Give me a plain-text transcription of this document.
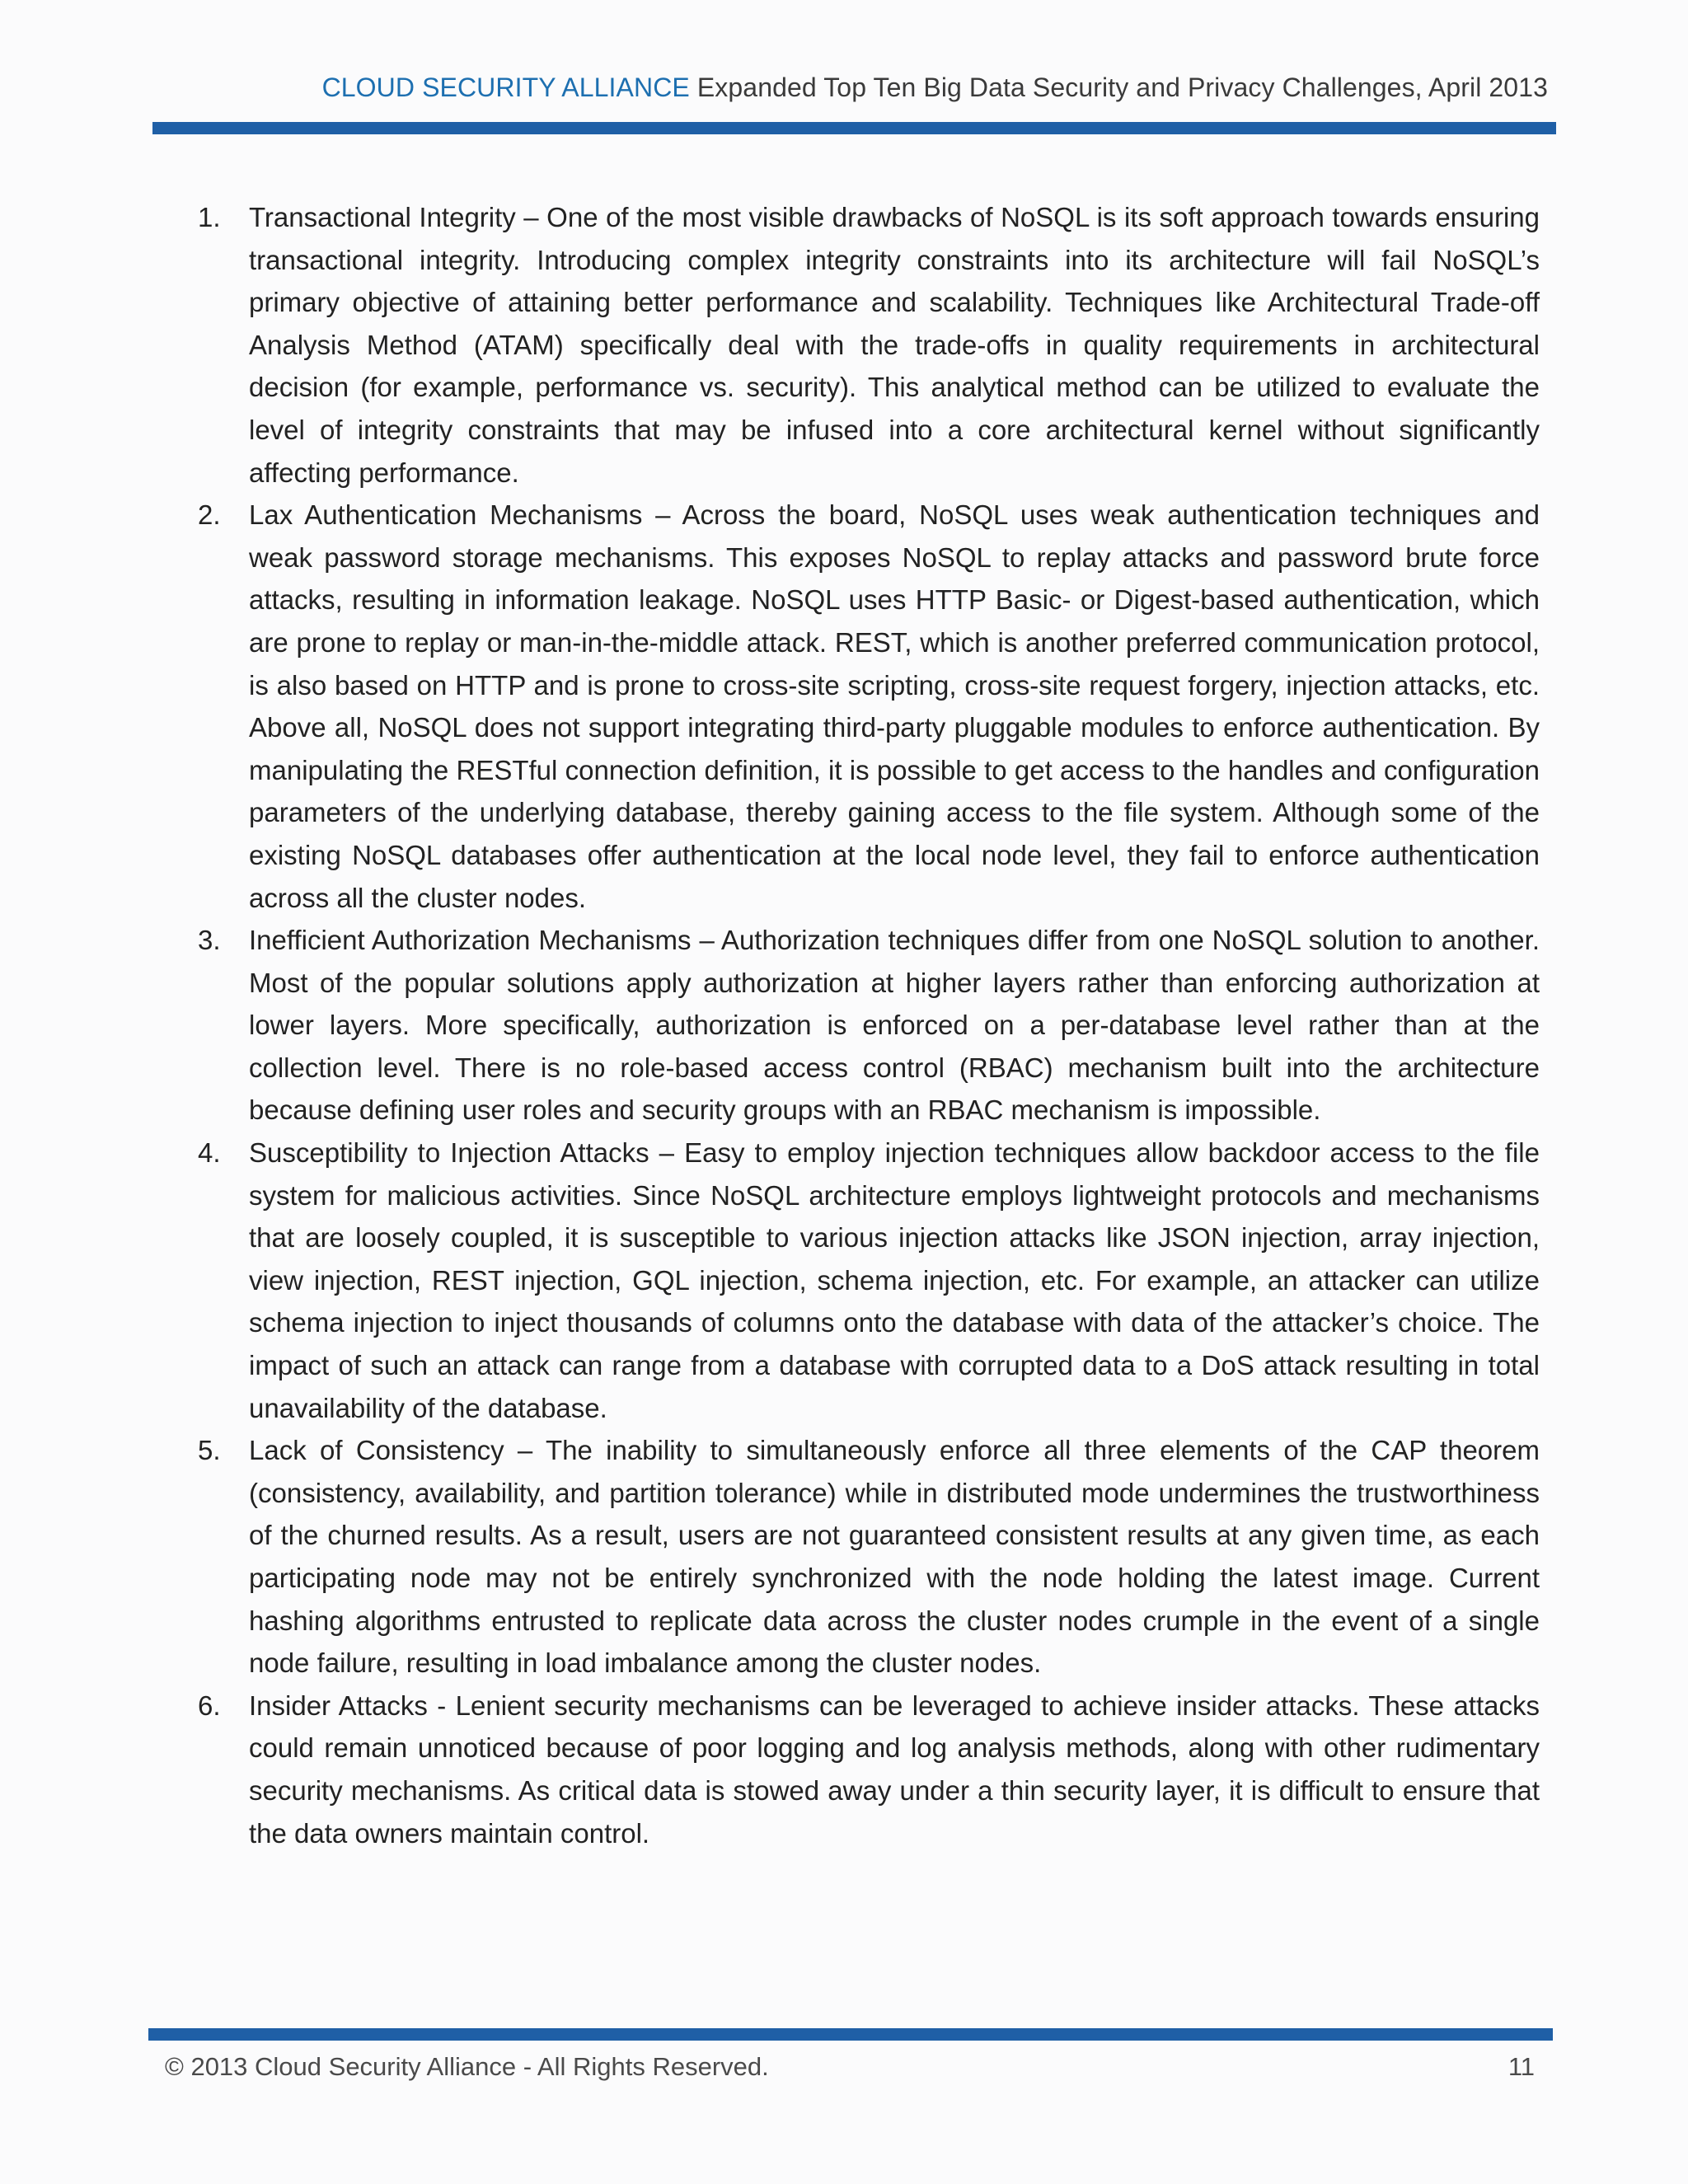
CLOUD SECURITY ALLIANCE Expanded Top Ten Big Data Security and Privacy Challenges, April 2013
1. Transactional Integrity – One of the most visible drawbacks of NoSQL is its soft approach towards ensuring transactional integrity. Introducing complex integrity constraints into its architecture will fail NoSQL’s primary objective of attaining better performance and scalability. Techniques like Architectural Trade-off Analysis Method (ATAM) specifically deal with the trade-offs in quality requirements in architectural decision (for example, performance vs. security). This analytical method can be utilized to evaluate the level of integrity constraints that may be infused into a core architectural kernel without significantly affecting performance.
2. Lax Authentication Mechanisms – Across the board, NoSQL uses weak authentication techniques and weak password storage mechanisms. This exposes NoSQL to replay attacks and password brute force attacks, resulting in information leakage. NoSQL uses HTTP Basic- or Digest-based authentication, which are prone to replay or man-in-the-middle attack. REST, which is another preferred communication protocol, is also based on HTTP and is prone to cross-site scripting, cross-site request forgery, injection attacks, etc. Above all, NoSQL does not support integrating third-party pluggable modules to enforce authentication. By manipulating the RESTful connection definition, it is possible to get access to the handles and configuration parameters of the underlying database, thereby gaining access to the file system. Although some of the existing NoSQL databases offer authentication at the local node level, they fail to enforce authentication across all the cluster nodes.
3. Inefficient Authorization Mechanisms – Authorization techniques differ from one NoSQL solution to another. Most of the popular solutions apply authorization at higher layers rather than enforcing authorization at lower layers. More specifically, authorization is enforced on a per-database level rather than at the collection level. There is no role-based access control (RBAC) mechanism built into the architecture because defining user roles and security groups with an RBAC mechanism is impossible.
4. Susceptibility to Injection Attacks – Easy to employ injection techniques allow backdoor access to the file system for malicious activities. Since NoSQL architecture employs lightweight protocols and mechanisms that are loosely coupled, it is susceptible to various injection attacks like JSON injection, array injection, view injection, REST injection, GQL injection, schema injection, etc. For example, an attacker can utilize schema injection to inject thousands of columns onto the database with data of the attacker’s choice. The impact of such an attack can range from a database with corrupted data to a DoS attack resulting in total unavailability of the database.
5. Lack of Consistency – The inability to simultaneously enforce all three elements of the CAP theorem (consistency, availability, and partition tolerance) while in distributed mode undermines the trustworthiness of the churned results. As a result, users are not guaranteed consistent results at any given time, as each participating node may not be entirely synchronized with the node holding the latest image. Current hashing algorithms entrusted to replicate data across the cluster nodes crumple in the event of a single node failure, resulting in load imbalance among the cluster nodes.
6. Insider Attacks - Lenient security mechanisms can be leveraged to achieve insider attacks. These attacks could remain unnoticed because of poor logging and log analysis methods, along with other rudimentary security mechanisms. As critical data is stowed away under a thin security layer, it is difficult to ensure that the data owners maintain control.
© 2013 Cloud Security Alliance - All Rights Reserved.	11
